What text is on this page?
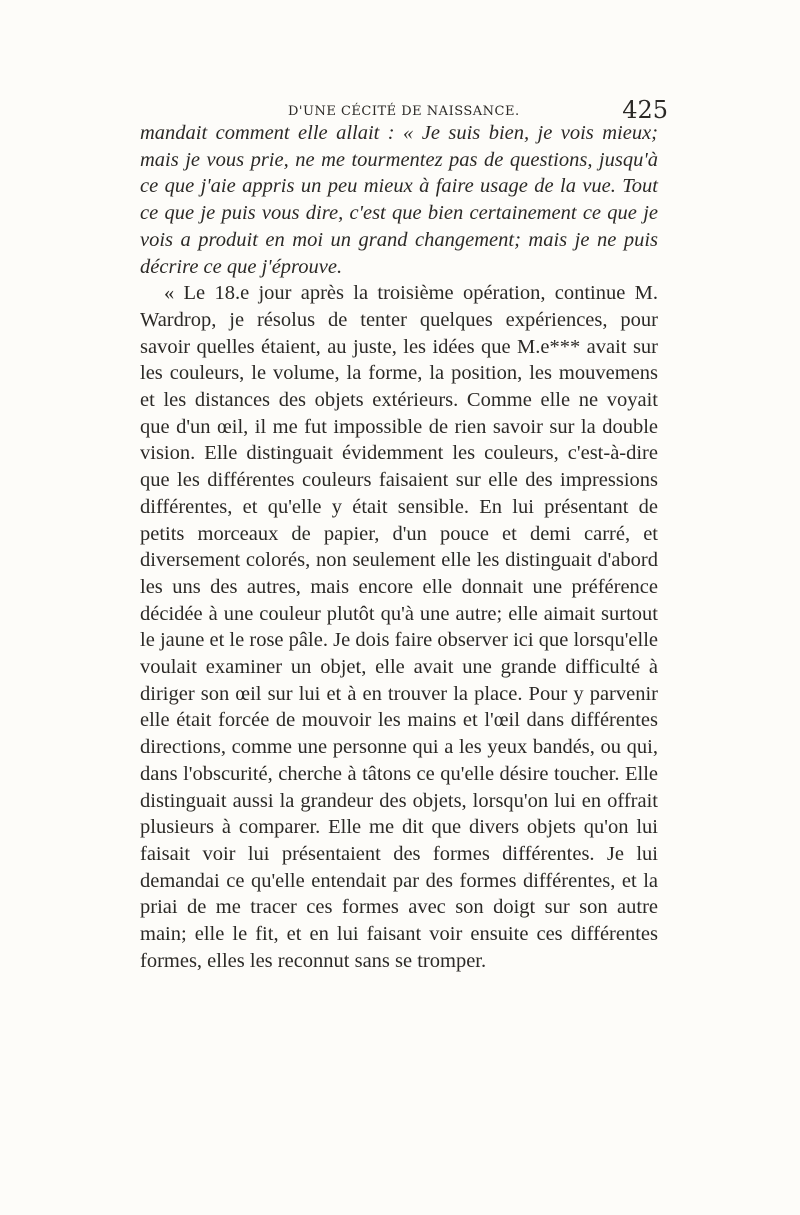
D'UNE CÉCITÉ DE NAISSANCE.	425

mandait comment elle allait : « Je suis bien, je vois mieux; mais je vous prie, ne me tourmentez pas de questions, jusqu'à ce que j'aie appris un peu mieux à faire usage de la vue. Tout ce que je puis vous dire, c'est que bien certainement ce que je vois a produit en moi un grand changement; mais je ne puis décrire ce que j'éprouve.

« Le 18.e jour après la troisième opération, continue M. Wardrop, je résolus de tenter quelques expériences, pour savoir quelles étaient, au juste, les idées que M.e*** avait sur les couleurs, le volume, la forme, la position, les mouvemens et les distances des objets extérieurs. Comme elle ne voyait que d'un œil, il me fut impossible de rien savoir sur la double vision. Elle distinguait évidemment les couleurs, c'est-à-dire que les différentes couleurs faisaient sur elle des impressions différentes, et qu'elle y était sensible. En lui présentant de petits morceaux de papier, d'un pouce et demi carré, et diversement colorés, non seulement elle les distinguait d'abord les uns des autres, mais encore elle donnait une préférence décidée à une couleur plutôt qu'à une autre; elle aimait surtout le jaune et le rose pâle. Je dois faire observer ici que lorsqu'elle voulait examiner un objet, elle avait une grande difficulté à diriger son œil sur lui et à en trouver la place. Pour y parvenir elle était forcée de mouvoir les mains et l'œil dans différentes directions, comme une personne qui a les yeux bandés, ou qui, dans l'obscurité, cherche à tâtons ce qu'elle désire toucher. Elle distinguait aussi la grandeur des objets, lorsqu'on lui en offrait plusieurs à comparer. Elle me dit que divers objets qu'on lui faisait voir lui présentaient des formes différentes. Je lui demandai ce qu'elle entendait par des formes différentes, et la priai de me tracer ces formes avec son doigt sur son autre main; elle le fit, et en lui faisant voir ensuite ces différentes formes, elles les reconnut sans se tromper.
